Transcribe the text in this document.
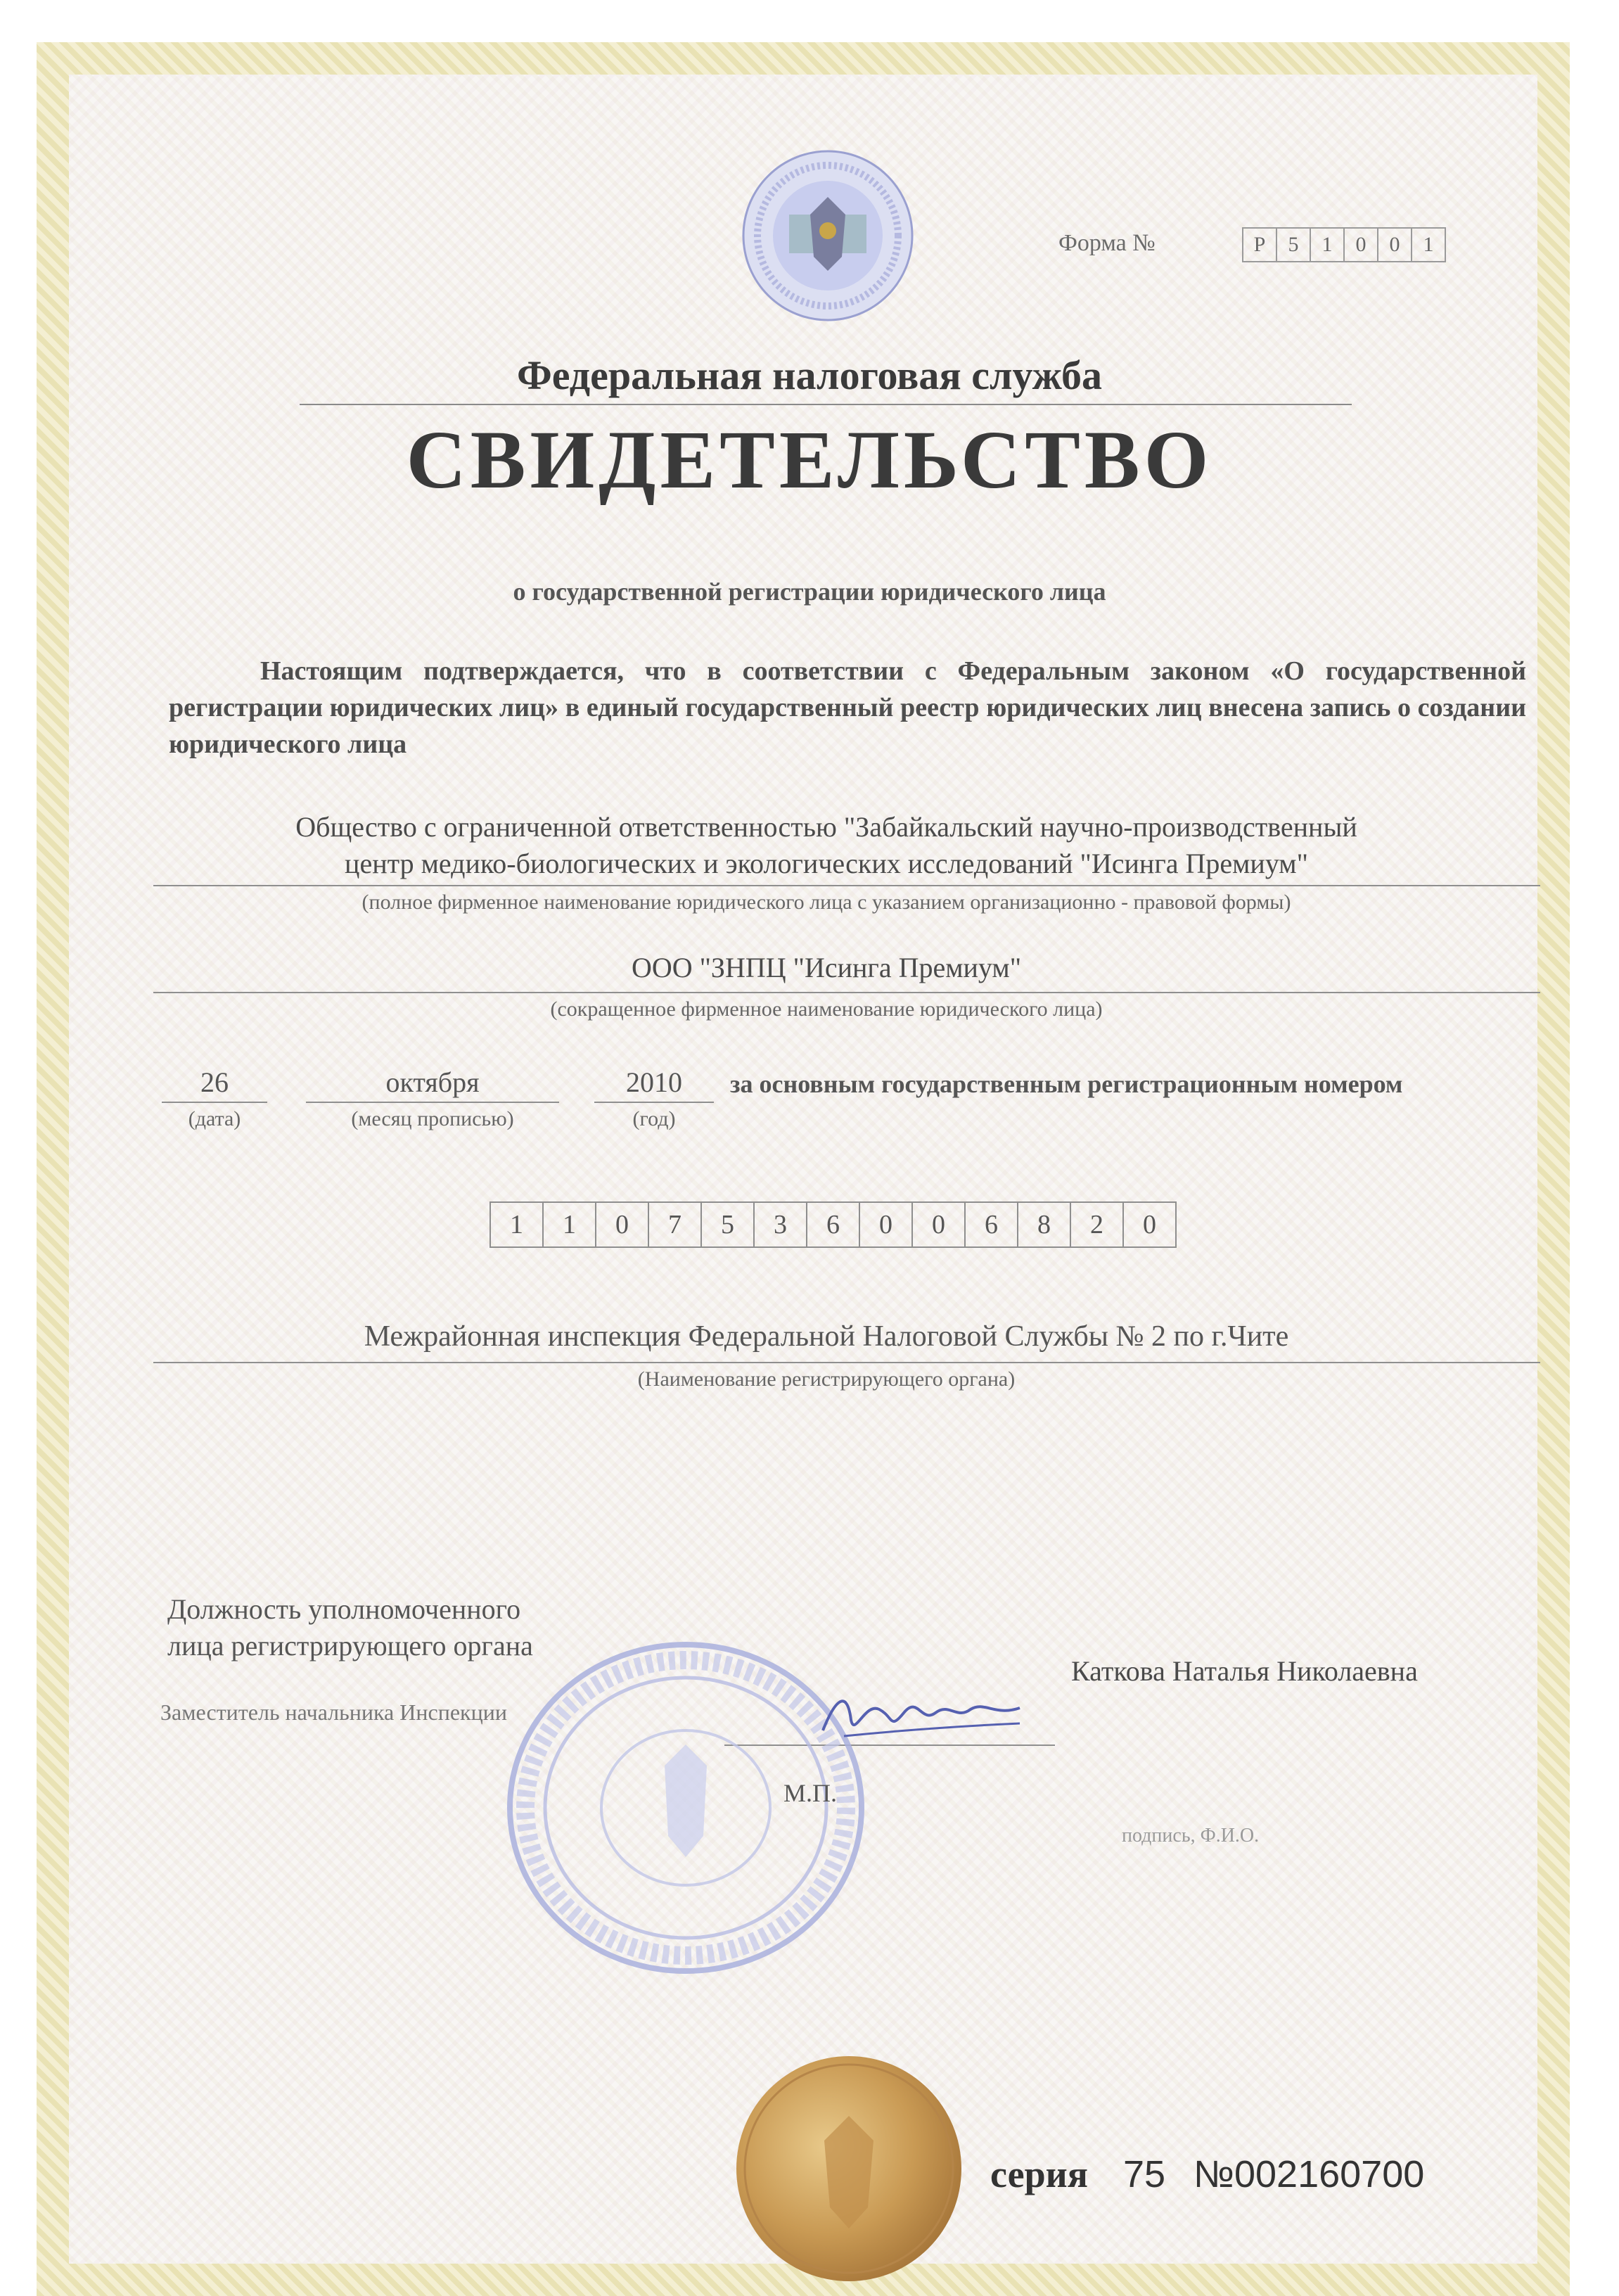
Форма №	Р	5	1	0	0	1
Федеральная налоговая служба
СВИДЕТЕЛЬСТВО
о государственной регистрации юридического лица

Настоящим подтверждается, что в соответствии с Федеральным законом «О государственной регистрации юридических лиц» в единый государственный реестр юридических лиц внесена запись о создании юридического лица

Общество с ограниченной ответственностью "Забайкальский научно-производственный
центр медико-биологических и экологических исследований "Исинга Премиум"
(полное фирменное наименование юридического лица с указанием организационно - правовой формы)
ООО "ЗНПЦ "Исинга Премиум"
(сокращенное фирменное наименование юридического лица)
26
(дата)
октября
(месяц прописью)
2010
(год)
за основным государственным регистрационным номером
1	1	0	7	5	3	6	0	0	6	8	2	0
Межрайонная инспекция Федеральной Налоговой Службы № 2 по г.Чите
(Наименование регистрирующего органа)
Должность уполномоченного
лица регистрирующего органа
Заместитель начальника Инспекции
Каткова Наталья Николаевна
М.П.
подпись, Ф.И.О.
серия 75 №002160700
